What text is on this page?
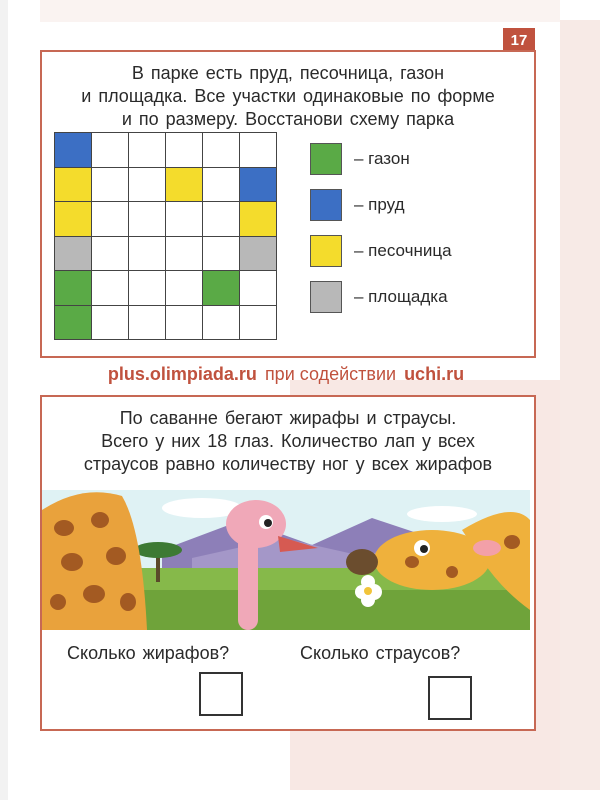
17
В парке есть пруд, песочница, газон
и площадка. Все участки одинаковые по форме
и по размеру. Восстанови схему парка
– газон
– пруд
– песочница
– площадка
plus.olimpiada.ru при содействии uchi.ru
По саванне бегают жирафы и страусы.
Всего у них 18 глаз. Количество лап у всех
страусов равно количеству ног у всех жирафов
Сколько жирафов?	Сколько страусов?
